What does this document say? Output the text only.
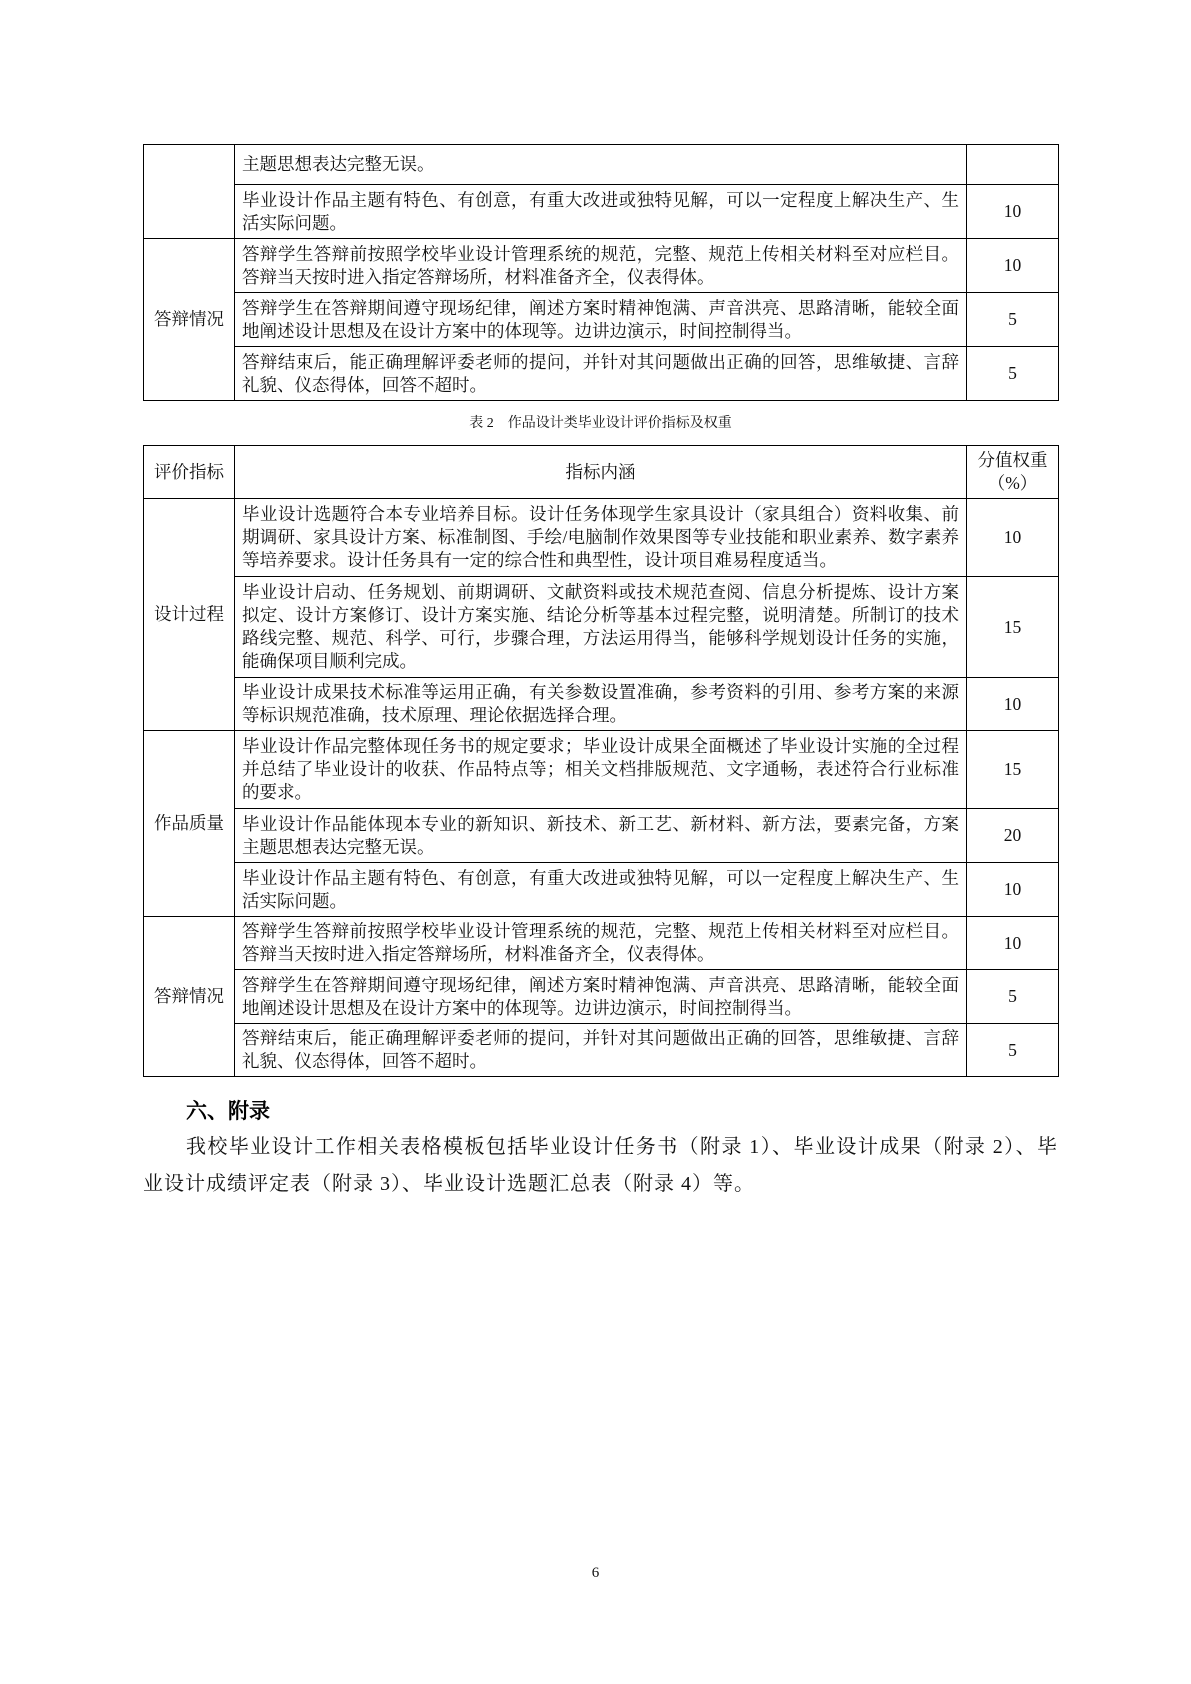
	主题思想表达完整无误。	
	毕业设计作品主题有特色、有创意，有重大改进或独特见解，可以一定程度上解决生产、生活实际问题。	10
答辩情况	答辩学生答辩前按照学校毕业设计管理系统的规范，完整、规范上传相关材料至对应栏目。答辩当天按时进入指定答辩场所，材料准备齐全，仪表得体。	10
	答辩学生在答辩期间遵守现场纪律，阐述方案时精神饱满、声音洪亮、思路清晰，能较全面地阐述设计思想及在设计方案中的体现等。边讲边演示，时间控制得当。	5
	答辩结束后，能正确理解评委老师的提问，并针对其问题做出正确的回答，思维敏捷、言辞礼貌、仪态得体，回答不超时。	5
表 2 作品设计类毕业设计评价指标及权重
评价指标	指标内涵	分值权重
（%）

设计过程	毕业设计选题符合本专业培养目标。设计任务体现学生家具设计（家具组合）资料收集、前期调研、家具设计方案、标准制图、手绘/电脑制作效果图等专业技能和职业素养、数字素养等培养要求。设计任务具有一定的综合性和典型性，设计项目难易程度适当。	10
	毕业设计启动、任务规划、前期调研、文献资料或技术规范查阅、信息分析提炼、设计方案拟定、设计方案修订、设计方案实施、结论分析等基本过程完整，说明清楚。所制订的技术路线完整、规范、科学、可行，步骤合理，方法运用得当，能够科学规划设计任务的实施，能确保项目顺利完成。	15
	毕业设计成果技术标准等运用正确，有关参数设置准确，参考资料的引用、参考方案的来源等标识规范准确，技术原理、理论依据选择合理。	10
作品质量	毕业设计作品完整体现任务书的规定要求；毕业设计成果全面概述了毕业设计实施的全过程并总结了毕业设计的收获、作品特点等；相关文档排版规范、文字通畅，表述符合行业标准的要求。	15
	毕业设计作品能体现本专业的新知识、新技术、新工艺、新材料、新方法，要素完备，方案主题思想表达完整无误。	20
	毕业设计作品主题有特色、有创意，有重大改进或独特见解，可以一定程度上解决生产、生活实际问题。	10
答辩情况	答辩学生答辩前按照学校毕业设计管理系统的规范，完整、规范上传相关材料至对应栏目。答辩当天按时进入指定答辩场所，材料准备齐全，仪表得体。	10
	答辩学生在答辩期间遵守现场纪律，阐述方案时精神饱满、声音洪亮、思路清晰，能较全面地阐述设计思想及在设计方案中的体现等。边讲边演示，时间控制得当。	5
	答辩结束后，能正确理解评委老师的提问，并针对其问题做出正确的回答，思维敏捷、言辞礼貌、仪态得体，回答不超时。	5
六、附录

我校毕业设计工作相关表格模板包括毕业设计任务书（附录 1）、毕业设计成果（附录 2）、毕业设计成绩评定表（附录 3）、毕业设计选题汇总表（附录 4）等。

6
